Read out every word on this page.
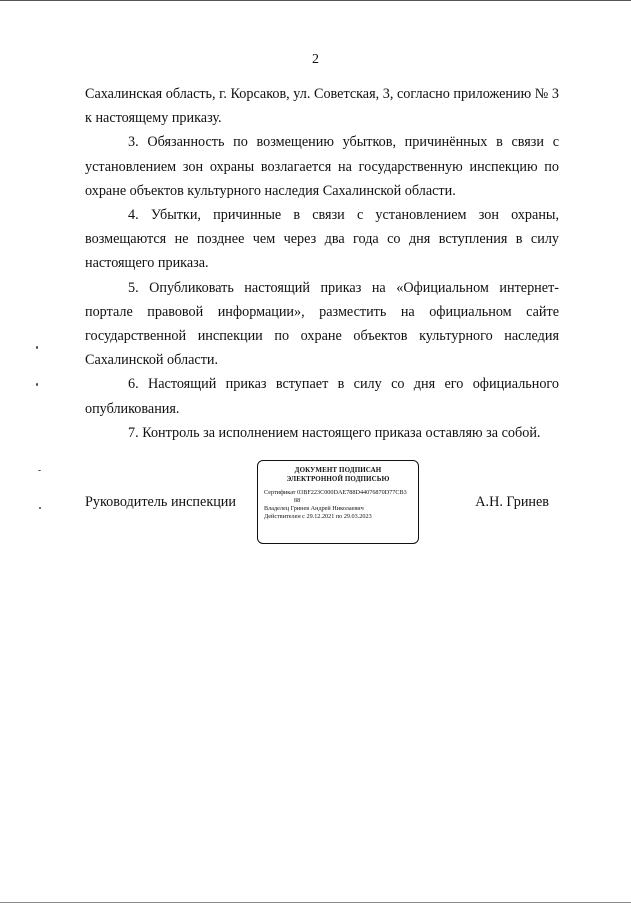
2

Сахалинская область, г. Корсаков, ул. Советская, 3, согласно приложению № 3 к настоящему приказу.

3. Обязанность по возмещению убытков, причинённых в связи с установлением зон охраны возлагается на государственную инспекцию по охране объектов культурного наследия Сахалинской области.

4. Убытки, причинные в связи с установлением зон охраны, возмещаются не позднее чем через два года со дня вступления в силу настоящего приказа.

5. Опубликовать настоящий приказ на «Официальном интернет-портале правовой информации», разместить на официальном сайте государственной инспекции по охране объектов культурного наследия Сахалинской области.

6. Настоящий приказ вступает в силу со дня его официального опубликования.

7. Контроль за исполнением настоящего приказа оставляю за собой.

Руководитель инспекции
ДОКУМЕНТ ПОДПИСАН
ЭЛЕКТРОННОЙ ПОДПИСЬЮ
Сертификат 03BF223C000DAE788D44076870D77CB3
88
Владелец Гринев Андрей Николаевич
Действителен с 29.12.2021 по 29.03.2023
А.Н. Гринев
